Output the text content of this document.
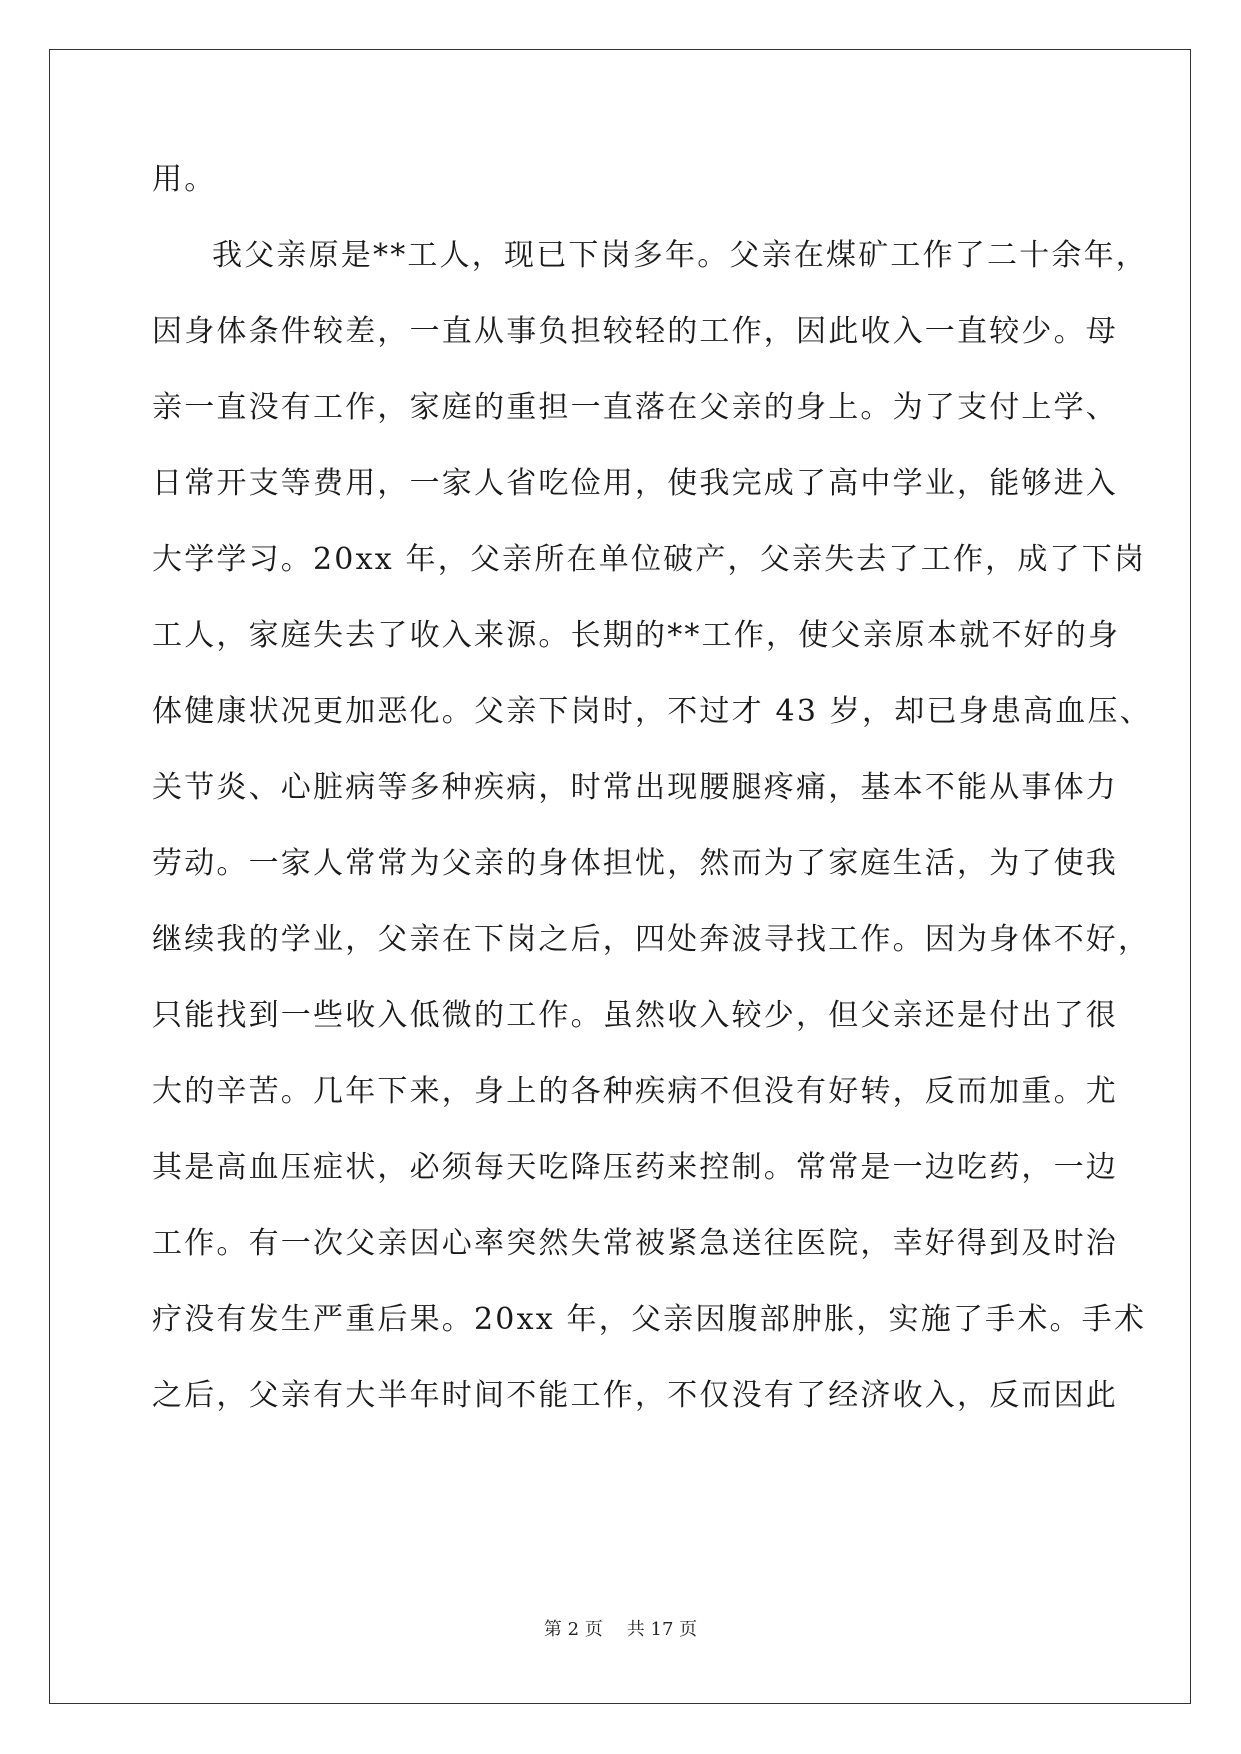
用。
我父亲原是**工人，现已下岗多年。父亲在煤矿工作了二十余年，
因身体条件较差，一直从事负担较轻的工作，因此收入一直较少。母
亲一直没有工作，家庭的重担一直落在父亲的身上。为了支付上学、
日常开支等费用，一家人省吃俭用，使我完成了高中学业，能够进入
大学学习。20xx 年，父亲所在单位破产，父亲失去了工作，成了下岗
工人，家庭失去了收入来源。长期的**工作，使父亲原本就不好的身
体健康状况更加恶化。父亲下岗时，不过才 43 岁，却已身患高血压、
关节炎、心脏病等多种疾病，时常出现腰腿疼痛，基本不能从事体力
劳动。一家人常常为父亲的身体担忧，然而为了家庭生活，为了使我
继续我的学业，父亲在下岗之后，四处奔波寻找工作。因为身体不好，
只能找到一些收入低微的工作。虽然收入较少，但父亲还是付出了很
大的辛苦。几年下来，身上的各种疾病不但没有好转，反而加重。尤
其是高血压症状，必须每天吃降压药来控制。常常是一边吃药，一边
工作。有一次父亲因心率突然失常被紧急送往医院，幸好得到及时治
疗没有发生严重后果。20xx 年，父亲因腹部肿胀，实施了手术。手术
之后，父亲有大半年时间不能工作，不仅没有了经济收入，反而因此
第 2 页 共 17 页
